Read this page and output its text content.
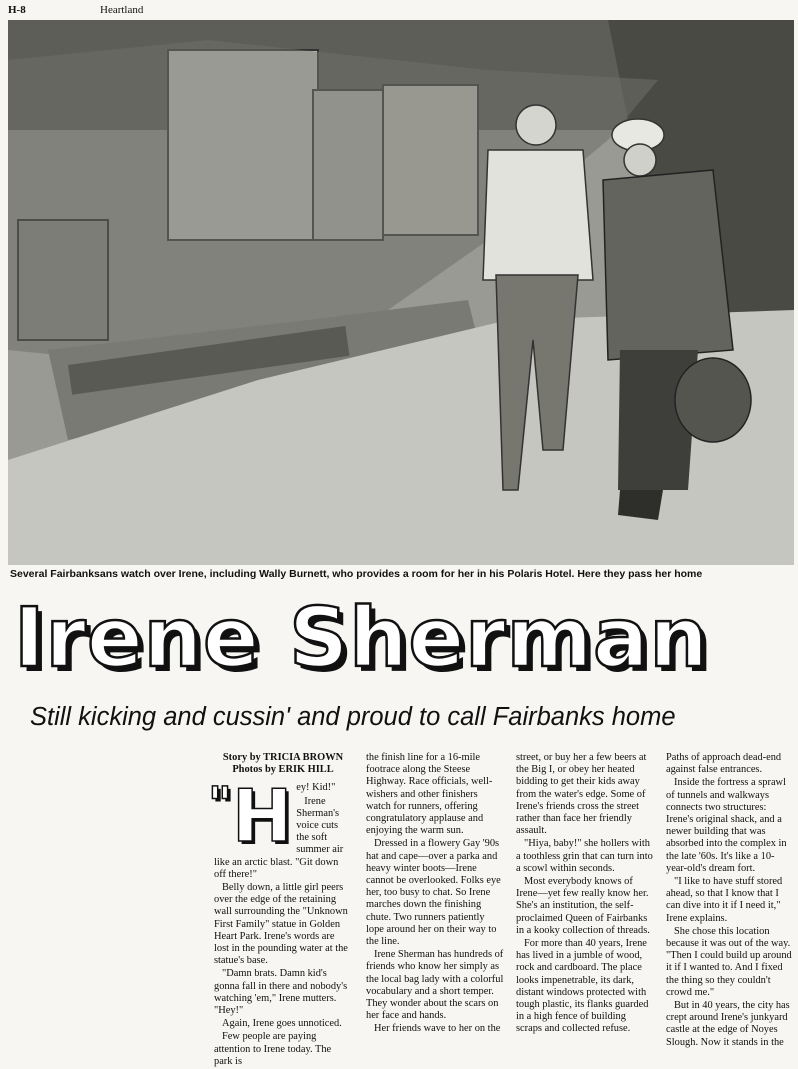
H-8	Heartland
Several Fairbanksans watch over Irene, including Wally Burnett, who provides a room for her in his Polaris Hotel. Here they pass her home
Irene Sherman
Still kicking and cussin' and proud to call Fairbanks home
Story by TRICIA BROWN
Photos by ERIK HILL
"H ey! Kid!"

Irene Sherman's voice cuts the soft summer air like an arctic blast. "Git down off there!"

Belly down, a little girl peers over the edge of the retaining wall surrounding the "Unknown First Family" statue in Golden Heart Park. Irene's words are lost in the pounding water at the statue's base.

"Damn brats. Damn kid's gonna fall in there and nobody's watching 'em," Irene mutters. "Hey!"

Again, Irene goes unnoticed.

Few people are paying attention to Irene today. The park is

the finish line for a 16-mile footrace along the Steese Highway. Race officials, well-wishers and other finishers watch for runners, offering congratulatory applause and enjoying the warm sun.

Dressed in a flowery Gay '90s hat and cape—over a parka and heavy winter boots—Irene cannot be overlooked. Folks eye her, too busy to chat. So Irene marches down the finishing chute. Two runners patiently lope around her on their way to the line.

Irene Sherman has hundreds of friends who know her simply as the local bag lady with a colorful vocabulary and a short temper. They wonder about the scars on her face and hands.

Her friends wave to her on the

street, or buy her a few beers at the Big I, or obey her heated bidding to get their kids away from the water's edge. Some of Irene's friends cross the street rather than face her friendly assault.

"Hiya, baby!" she hollers with a toothless grin that can turn into a scowl within seconds.

Most everybody knows of Irene—yet few really know her. She's an institution, the self-proclaimed Queen of Fairbanks in a kooky collection of threads.

For more than 40 years, Irene has lived in a jumble of wood, rock and cardboard. The place looks impenetrable, its dark, distant windows protected with tough plastic, its flanks guarded in a high fence of building scraps and collected refuse.

Paths of approach dead-end against false entrances.

Inside the fortress a sprawl of tunnels and walkways connects two structures: Irene's original shack, and a newer building that was absorbed into the complex in the late '60s. It's like a 10-year-old's dream fort.

"I like to have stuff stored ahead, so that I know that I can dive into it if I need it," Irene explains.

She chose this location because it was out of the way. "Then I could build up around it if I wanted to. And I fixed the thing so they couldn't crowd me."

But in 40 years, the city has crept around Irene's junkyard castle at the edge of Noyes Slough. Now it stands in the
